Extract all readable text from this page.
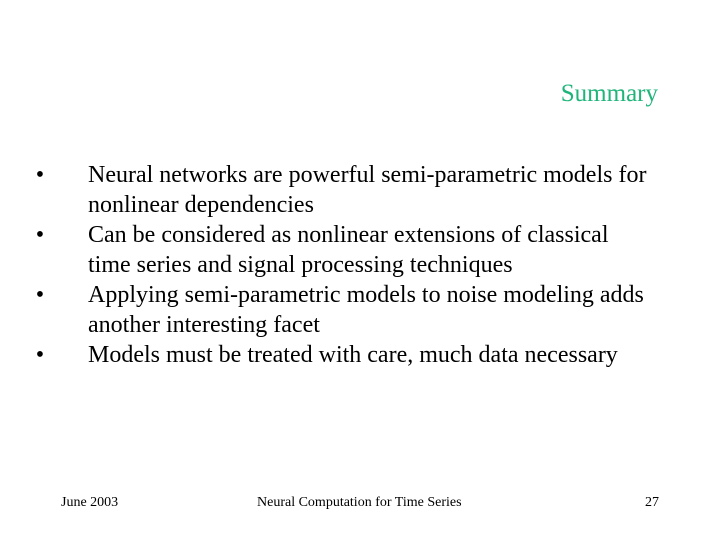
Summary
• Neural networks are powerful semi-parametric models for nonlinear dependencies
• Can be considered as nonlinear extensions of classical time series and signal processing techniques
• Applying semi-parametric models to noise modeling adds another interesting facet
• Models must be treated with care, much data necessary
June 2003	Neural Computation for Time Series	27
